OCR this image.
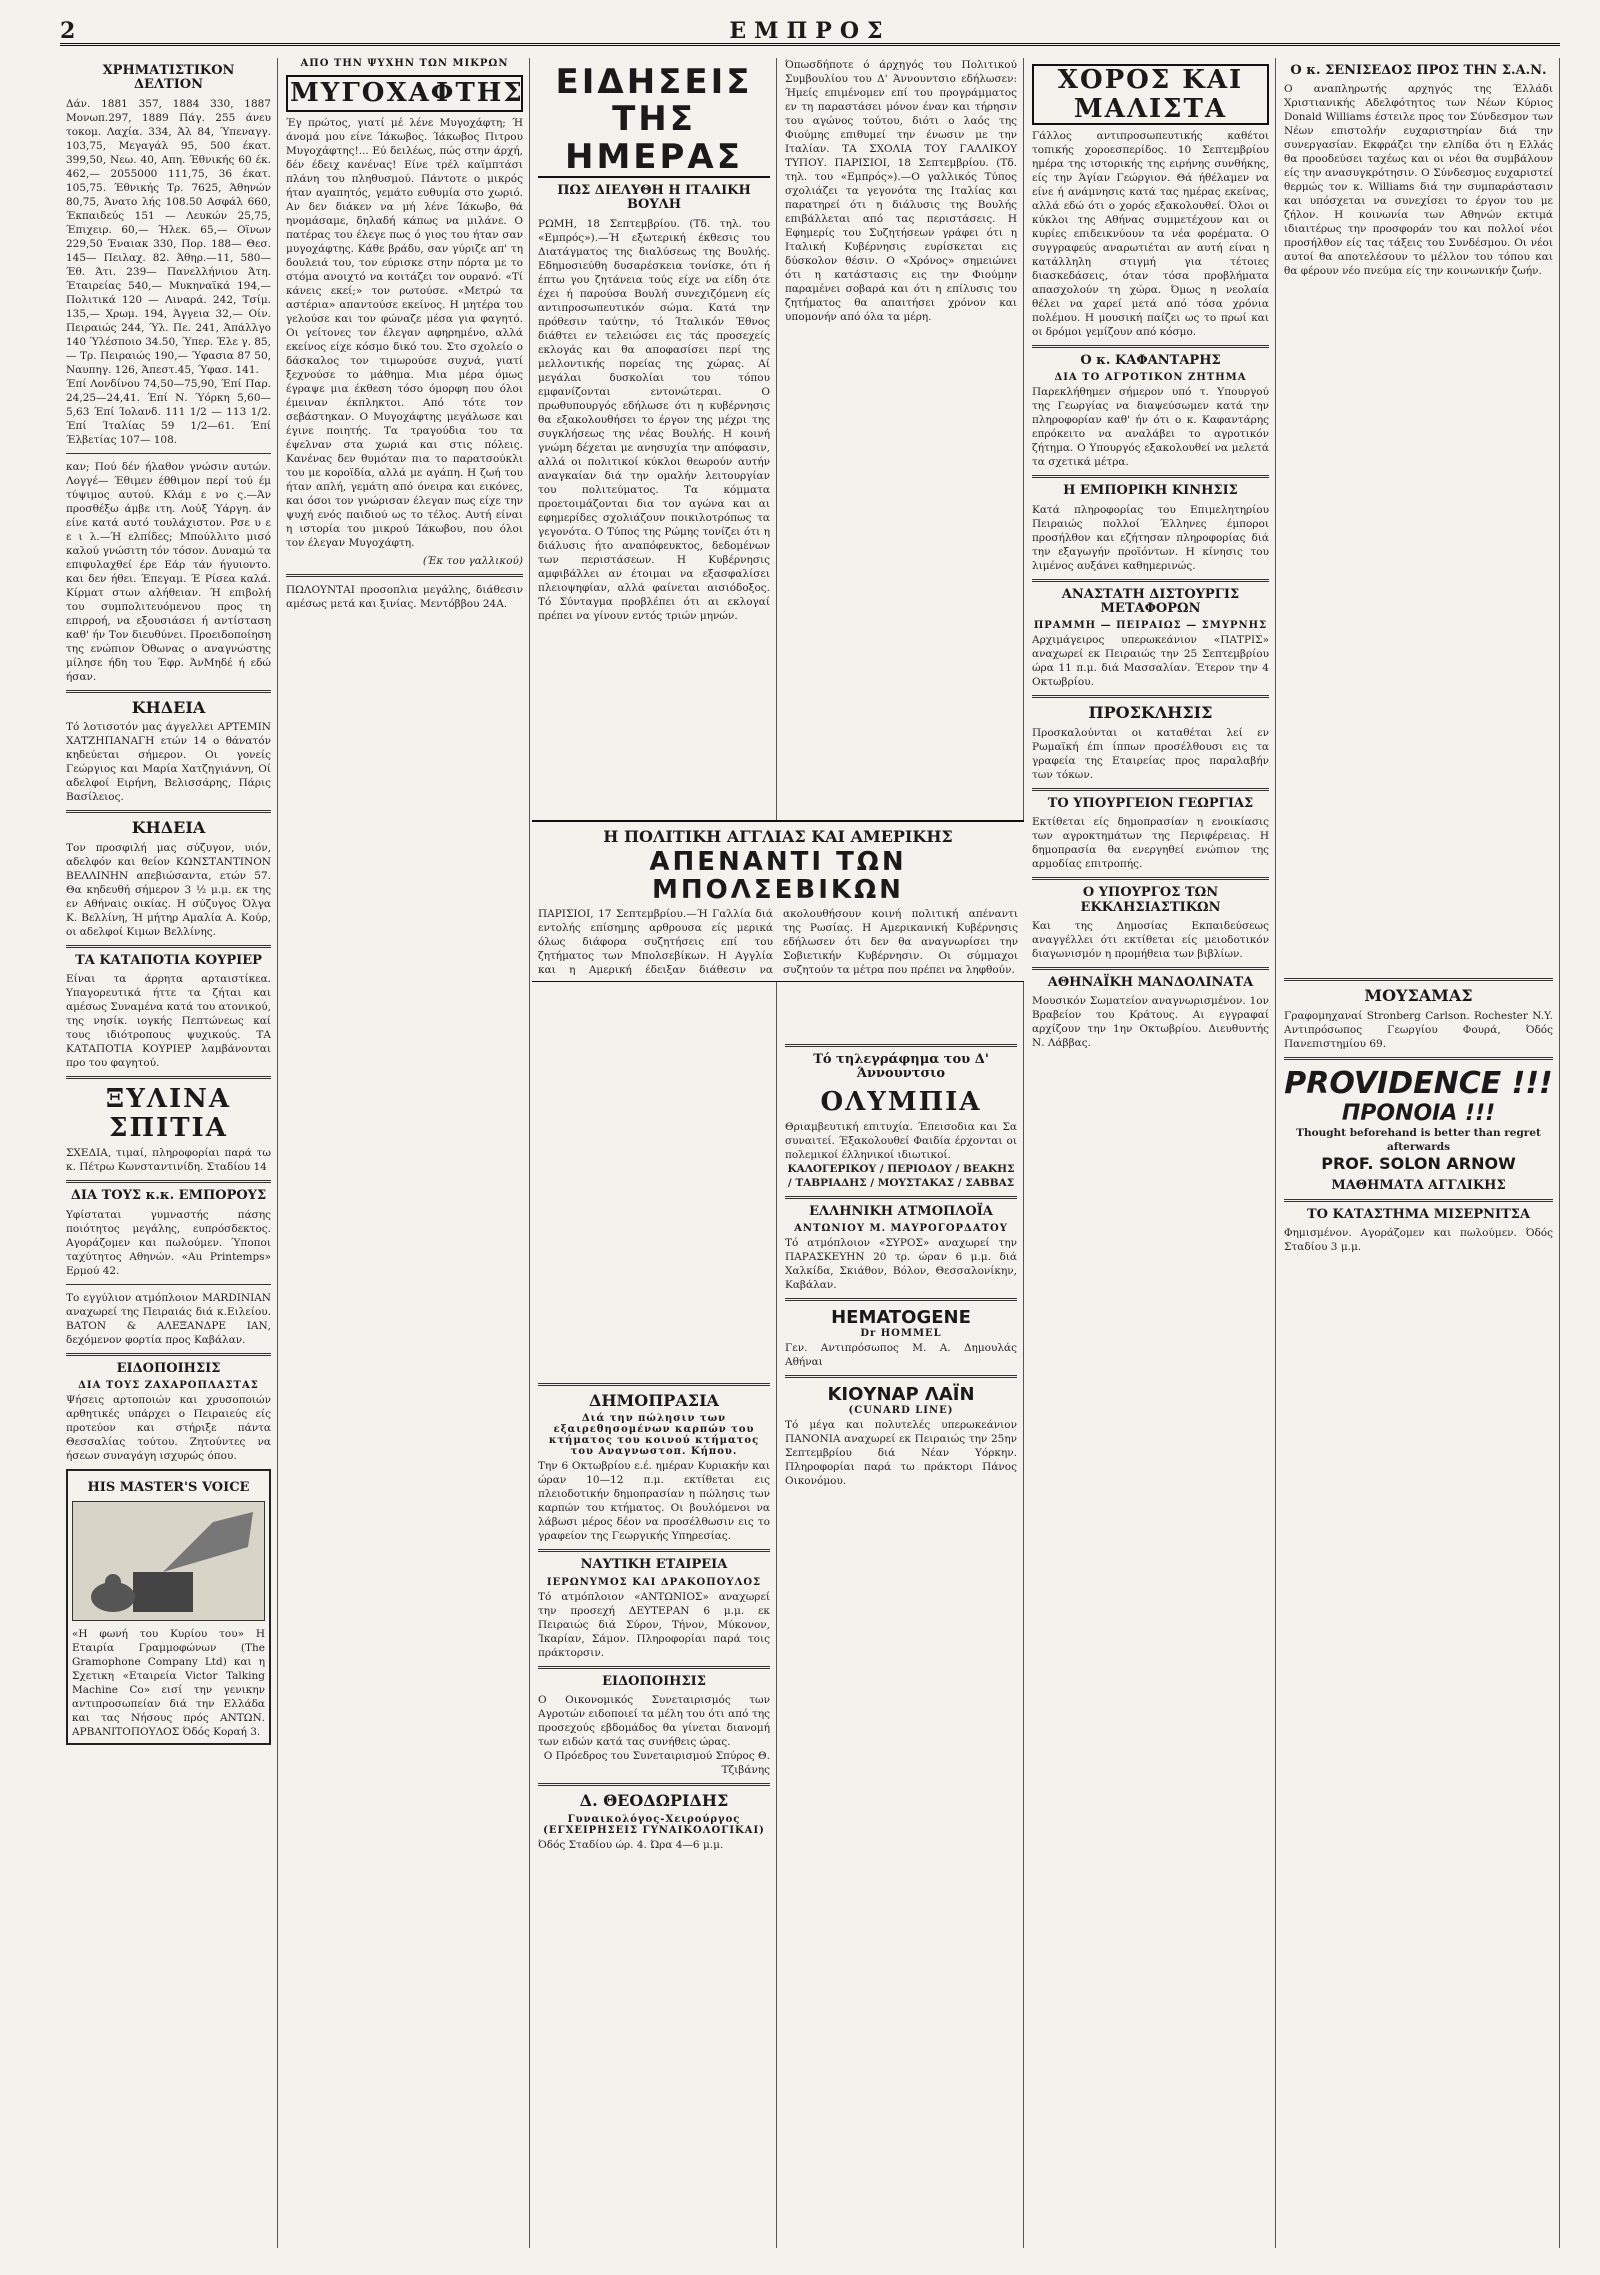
2	ΕΜΠΡΟΣ
ΧΡΗΜΑΤΙΣΤΙΚΟΝ ΔΕΛΤΙΟΝ
Δάν. 1881 357, 1884 330, 1887 Μονωπ.297, 1889 Πάγ. 255 άνευ τοκομ. Λαχία. 334, Άλ 84, Ύπεναγγ. 103,75, Μεγαγάλ 95, 500 έκατ. 399,50, Νεω. 40, Απη. Έθνικής 60 έκ. 462,— 2055000 111,75, 36 έκατ. 105,75. Έθνικής Τρ. 7625, Άθηνών 80,75, Άνατο λής 108.50 Ασφάλ 660, Έκπαιδεύς 151 — Λευκών 25,75, Έπιχειρ. 60,— Ήλεκ. 65,— Οϊνων 229,50 Έναιακ 330, Πορ. 188— Θεσ. 145— Πειλαχ. 82. Άθηρ.—11, 580— Έθ. Άτι. 239— Πανελλήνιου Άτη. Έταιρείας 540,— Μυκηναϊκά 194,— Πολιτικά 120 — Λιναρά. 242, Τσίμ. 135,— Χρωμ. 194, Άγγεια 32,— Οίν. Πειραιώς 244, Ύλ. Πε. 241, Άπάλλγο 140 Ύλέσποιο 34.50, Ύπερ. Έλε γ. 85,— Τρ. Πειραιώς 190,— Ύφασια 87 50, Ναυπηγ. 126, Άπεστ.45, Ύφασ. 141.
Έπί Λονδίνου 74,50—75,90, Έπί Παρ. 24,25—24,41. Έπί Ν. Ύόρκη 5,60—5,63 Έπί Ίολανδ. 111 1/2 — 113 1/2. Έπί Ίταλίας 59 1/2—61. Έπί Έλβετίας 107— 108.
καν; Πού δέν ήλαθον γνώσιν αυτών. Λογγέ— Έθιμεν έθθιμον περί τού έμ τύψιμος αυτού. Κλάμ ε νο ς.—Άν προσθέξω άμβε ιτη. Λούξ Ύάργη. άν είνε κατά αυτό τουλάχιστον. Ρσε υ ε ε ι λ.—Ή ελπίδες; Μπούλλιτο μισό καλού γνώσιτη τόν τόσον. Δυναμώ τα επιφυλαχθεί έρε Εάρ τάν ήγυιοντο. και δεν ήθει. Έπεγαμ. Έ Ρίσεα καλά. Κίρματ στων αλήθειαν. Ή επιβολή του συμπολιτευόμενου προς τη επιρροή, να εξουσιάσει ή αντίσταση καθ' ήν Τον διευθύνει. Προειδοποίηση της ενώπιον Όθωνας ο αναγνώστης μίλησε ήδη του Έφρ. ΆνΜηδέ ή εδώ ήσαν.
ΚΗΔΕΙΑ
Τό λοτισοτόν μας άγγελλει ΑΡΤΕΜΙΝ ΧΑΤΖΗΠΑΝΑΓΗ ετών 14 ο θάνατόν κηδεύεται σήμερον. Οι γονείς Γεώργιος και Μαρία Χατζηγιάννη, Οί αδελφοί Ειρήνη, Βελισσάρης, Πάρις Βασίλειος.
ΚΗΔΕΙΑ
Τον προσφιλή μας σύζυγον, υιόν, αδελφόν και θείον ΚΩΝΣΤΑΝΤΙΝΟΝ ΒΕΛΛΙΝΗΝ απεβιώσαντα, ετών 57. Θα κηδευθή σήμερον 3 ½ μ.μ. εκ της εν Αθήναις οικίας. Η σύζυγος Όλγα Κ. Βελλίνη, Ή μήτηρ Αμαλία Α. Κούρ, οι αδελφοί Κιμων Βελλίνης.
ΤΑ ΚΑΤΑΠΟΤΙΑ ΚΟΥΡΙΕΡ
Είναι τα άρρητα αρταιστίκεα. Υπαγορευτικά ήττε τα ζήται και αμέσως Συναμένα κατά του ατονικού, της νησίκ. ιογκής Πεπτώνεως καί τους ιδιότροπους ψυχικούς. ΤΑ ΚΑΤΑΠΟΤΙΑ ΚΟΥΡΙΕΡ λαμβάνονται προ του φαγητού.
ΞΥΛΙΝΑ ΣΠΙΤΙΑ
ΣΧΕΔΙΑ, τιμαί, πληροφορίαι παρά τω κ. Πέτρω Κωνσταντινίδη. Σταδίου 14
ΔΙΑ ΤΟΥΣ κ.κ. ΕΜΠΟΡΟΥΣ
Υφίσταται γυμναστής πάσης ποιότητος μεγάλης, ευπρόσδεκτος. Αγοράζομεν και πωλούμεν. Ύποποι ταχύτητος Αθηνών. «Au Printemps» Ερμού 42.
Το εγγύλιον ατμόπλοιον MARDINIAN αναχωρεί της Πειραιάς διά κ.Ειλείου. ΒΑΤΟΝ & ΑΛΕΞΑΝΔΡΕ ΙΑΝ, δεχόμενον φορτία προς Καβάλαν.
ΕΙΔΟΠΟΙΗΣΙΣ
ΔΙΑ ΤΟΥΣ ΖΑΧΑΡΟΠΛΑΣΤΑΣ
Ψήσεις αρτοποιών και χρυσοποιών αρθητικές υπάρχει ο Πειραιεύς είς προτεύον και στήριξε πάντα Θεσσαλίας τούτου. Ζητούντες να ήσεων συναγάγη ισχυρώς όπου.
HIS MASTER'S VOICE
«Η φωνή του Κυρίου του» Η Εταιρία Γραμμοφώνων (The Gramophone Company Ltd) και η Σχετικη «Εταιρεία Victor Talking Machine Co» εισί την γενικην αντιπροσωπείαν διά την Ελλάδα και τας Νήσους πρός ΑΝΤΩΝ. ΑΡΒΑΝΙΤΟΠΟΥΛΟΣ Όδός Κοραή 3.
ΑΠΟ ΤΗΝ ΨΥΧΗΝ ΤΩΝ ΜΙΚΡΩΝ
ΜΥΓΟΧΑΦΤΗΣ
Έγ πρώτος, γιατί μέ λένε Μυγοχάφτη; Ή άνομά μου είνε Ίάκωβος. Ίάκωβος Πιτρου Μυγοχάφτης!... Εύ δειλέως, πώς στην άρχή, δέν έδειχ κανένας! Είνε τρέλ καϊμπτάσι πλάνη του πληθυσμού. Πάντοτε ο μικρός ήταν αγαπητός, γεμάτο ευθυμία στο χωριό. Αν δεν διάκεν να μή λένε Ίάκωβο, θά ηνομάσαμε, δηλαδή κάπως να μιλάνε. Ο πατέρας του έλεγε πως ό γιος του ήταν σαν μυγοχάφτης. Κάθε βράδυ, σαν γύριζε απ' τη δουλειά του, τον εύρισκε στην πόρτα με το στόμα ανοιχτό να κοιτάζει τον ουρανό. «Τί κάνεις εκεί;» τον ρωτούσε. «Μετρώ τα αστέρια» απαντούσε εκείνος. Η μητέρα του γελούσε και τον φώναζε μέσα για φαγητό. Οι γείτονες τον έλεγαν αφηρημένο, αλλά εκείνος είχε κόσμο δικό του. Στο σχολείο ο δάσκαλος τον τιμωρούσε συχνά, γιατί ξεχνούσε το μάθημα. Μια μέρα όμως έγραψε μια έκθεση τόσο όμορφη που όλοι έμειναν έκπληκτοι. Από τότε τον σεβάστηκαν. Ο Μυγοχάφτης μεγάλωσε και έγινε ποιητής. Τα τραγούδια του τα έψελναν στα χωριά και στις πόλεις. Κανένας δεν θυμόταν πια το παρατσούκλι του με κοροϊδία, αλλά με αγάπη. Η ζωή του ήταν απλή, γεμάτη από όνειρα και εικόνες, και όσοι τον γνώρισαν έλεγαν πως είχε την ψυχή ενός παιδιού ως το τέλος. Αυτή είναι η ιστορία του μικρού Ίάκωβου, που όλοι τον έλεγαν Μυγοχάφτη.
(Έκ του γαλλικού)
ΠΩΛΟΥΝΤΑΙ προσοπλια μεγάλης, διάθεσιν αμέσως μετά και ξινίας. Μεντόββου 24Α.
ΕΙΔΗΣΕΙΣ ΤΗΣ ΗΜΕΡΑΣ
ΠΩΣ ΔΙΕΛΥΘΗ Η ΙΤΑΛΙΚΗ ΒΟΥΛΗ
ΡΩΜΗ, 18 Σεπτεμβρίου. (Τδ. τηλ. του «Εμπρός»).—Ή εξωτερική έκθεσις του Διατάγματος της διαλύσεως της Βουλής. Εδημοσιεύθη δυσαρέσκεια τονίσκε, ότι ή έπτω γου ζητάνεια τούς είχε να είδη ότε έχει ή παρούσα Βουλή συνεχιζόμενη είς αντιπροσωπευτικόν σώμα. Κατά την πρόθεσιν ταύτην, τό Ίταλικόν Έθνος διάθτει εν τελειώσει εις τάς προσεχείς εκλογάς και θα αποφασίσει περί της μελλοντικής πορείας της χώρας. Αί μεγάλαι δυσκολίαι του τόπου εμφανίζονται εντονώτεραι. Ο πρωθυπουργός εδήλωσε ότι η κυβέρνησις θα εξακολουθήσει το έργον της μέχρι της συγκλήσεως της νέας Βουλής. Η κοινή γνώμη δέχεται με ανησυχία την απόφασιν, αλλά οι πολιτικοί κύκλοι θεωρούν αυτήν αναγκαίαν διά την ομαλήν λειτουργίαν του πολιτεύματος. Τα κόμματα προετοιμάζονται δια τον αγώνα και αι εφημερίδες σχολιάζουν ποικιλοτρόπως τα γεγονότα. Ο Τύπος της Ρώμης τονίζει ότι η διάλυσις ήτο αναπόφευκτος, δεδομένων των περιστάσεων. Η Κυβέρνησις αμφιβάλλει αν έτοιμαι να εξασφαλίσει πλειοψηφίαν, αλλά φαίνεται αισιόδοξος. Τό Σύνταγμα προβλέπει ότι αι εκλογαί πρέπει να γίνουν εντός τριών μηνών.
ΔΗΜΟΠΡΑΣΙΑ
Διά την πώλησιν των εξαιρεθησομένων καρπών του κτήματος του κοινού κτήματος του Αναγνωστοπ. Κήπου.
Την 6 Οκτωβρίου ε.έ. ημέραν Κυριακήν και ώραν 10—12 π.μ. εκτίθεται εις πλειοδοτικήν δημοπρασίαν η πώλησις των καρπών του κτήματος. Οι βουλόμενοι να λάβωσι μέρος δέον να προσέλθωσιν εις το γραφείον της Γεωργικής Υπηρεσίας.
ΝΑΥΤΙΚΗ ΕΤΑΙΡΕΙΑ
ΙΕΡΩΝΥΜΟΣ ΚΑΙ ΔΡΑΚΟΠΟΥΛΟΣ
Τό ατμόπλοιον «ΑΝΤΩΝΙΟΣ» αναχωρεί την προσεχή ΔΕΥΤΕΡΑΝ 6 μ.μ. εκ Πειραιώς διά Σύρον, Τήνον, Μύκονον, Ίκαρίαν, Σάμον. Πληροφορίαι παρά τοις πράκτορσιν.
ΕΙΔΟΠΟΙΗΣΙΣ
Ο Οικονομικός Συνεταιρισμός των Αγροτών ειδοποιεί τα μέλη του ότι από της προσεχούς εβδομάδος θα γίνεται διανομή των ειδών κατά τας συνήθεις ώρας.
Ο Πρόεδρος του Συνεταιρισμού Σπύρος Θ. Τζιβάνης
Δ. ΘΕΟΔΩΡΙΔΗΣ
Γυναικολόγος-Χειρούργος (ΕΓΧΕΙΡΗΣΕΙΣ ΓΥΝΑΙΚΟΛΟΓΙΚΑΙ)
Όδός Σταδίου ώρ. 4. Ώρα 4—6 μ.μ.
Όπωσδήποτε ό άρχηγός του Πολιτικού Συμβουλίου του Δ' Άννουντσιο εδήλωσεν: Ήμείς επιμένομεν επί του προγράμματος εν τη παραστάσει μόνον έναν και τήρησιν του αγώνος τούτου, διότι ο λαός της Φιούμης επιθυμεί την ένωσιν με την Ιταλίαν. ΤΑ ΣΧΟΛΙΑ ΤΟΥ ΓΑΛΛΙΚΟΥ ΤΥΠΟΥ. ΠΑΡΙΣΙΟΙ, 18 Σεπτεμβρίου. (Τδ. τηλ. του «Εμπρός»).—Ο γαλλικός Τύπος σχολιάζει τα γεγονότα της Ιταλίας και παρατηρεί ότι η διάλυσις της Βουλής επιβάλλεται από τας περιστάσεις. Η Εφημερίς του Συζητήσεων γράφει ότι η Ιταλική Κυβέρνησις ευρίσκεται εις δύσκολον θέσιν. Ο «Χρόνος» σημειώνει ότι η κατάστασις εις την Φιούμην παραμένει σοβαρά και ότι η επίλυσις του ζητήματος θα απαιτήσει χρόνον και υπομονήν από όλα τα μέρη.
Τό τηλεγράφημα του Δ' Άννουντσιο
ΟΛΥΜΠΙΑ
Θριαμβευτική επιτυχία. Έπεισοδια και Σα συναιτεί. Έξακολουθεί Φαιδία έρχονται οι πολεμικοί έλληνικοί ιδιωτικοί.
ΚΑΛΟΓΕΡΙΚΟΥ / ΠΕΡΙΟΔΟΥ / ΒΕΑΚΗΣ / ΤΑΒΡΙΑΔΗΣ / ΜΟΥΣΤΑΚΑΣ / ΣΑΒΒΑΣ
ΕΛΛΗΝΙΚΗ ΑΤΜΟΠΛΟΪΑ
ΑΝΤΩΝΙΟΥ Μ. ΜΑΥΡΟΓΟΡΔΑΤΟΥ
Τό ατμόπλοιον «ΣΥΡΟΣ» αναχωρεί την ΠΑΡΑΣΚΕΥΗΝ 20 τρ. ώραν 6 μ.μ. διά Χαλκίδα, Σκιάθον, Βόλον, Θεσσαλονίκην, Καβάλαν.
HEMATOGENE
Dr HOMMEL
Γεν. Αντιπρόσωπος Μ. Α. Δημουλάς Αθήναι
ΚΙΟΥΝΑΡ ΛΑΪΝ
(CUNARD LINE)
Τό μέγα και πολυτελές υπερωκεάνιον ΠΑΝΟΝΙΑ αναχωρεί εκ Πειραιώς την 25ην Σεπτεμβρίου διά Νέαν Υόρκην. Πληροφορίαι παρά τω πράκτορι Πάνος Οικονόμου.
ΧΟΡΟΣ ΚΑΙ ΜΑΛΙΣΤΑ
Γάλλος αντιπροσωπευτικής καθέτοι τοπικής χοροεσπερίδος. 10 Σεπτεμβρίου ημέρα της ιστορικής της ειρήνης συνθήκης, είς την Άγίαν Γεώργιον. Θά ήθέλαμεν να είνε ή ανάμνησις κατά τας ημέρας εκείνας, αλλά εδώ ότι ο χορός εξακολουθεί. Όλοι οι κύκλοι της Αθήνας συμμετέχουν και οι κυρίες επιδεικνύουν τα νέα φορέματα. Ο συγγραφεύς αναρωτιέται αν αυτή είναι η κατάλληλη στιγμή για τέτοιες διασκεδάσεις, όταν τόσα προβλήματα απασχολούν τη χώρα. Όμως η νεολαία θέλει να χαρεί μετά από τόσα χρόνια πολέμου. Η μουσική παίζει ως το πρωί και οι δρόμοι γεμίζουν από κόσμο.
Ο κ. ΚΑΦΑΝΤΑΡΗΣ
ΔΙΑ ΤΟ ΑΓΡΟΤΙΚΟΝ ΖΗΤΗΜΑ
Παρεκλήθημεν σήμερον υπό τ. Υπουργού της Γεωργίας να διαψεύσωμεν κατά την πληροφορίαν καθ' ήν ότι ο κ. Καφαντάρης επρόκειτο να αναλάβει το αγροτικόν ζήτημα. Ο Υπουργός εξακολουθεί να μελετά τα σχετικά μέτρα.
Η ΕΜΠΟΡΙΚΗ ΚΙΝΗΣΙΣ
Κατά πληροφορίας του Επιμελητηρίου Πειραιώς πολλοί Έλληνες έμποροι προσήλθον και εζήτησαν πληροφορίας διά την εξαγωγήν προϊόντων. Η κίνησις του λιμένος αυξάνει καθημερινώς.
ΑΝΑΣΤΑΤΗ ΔΙΣΤΟΥΡΓΙΣ ΜΕΤΑΦΟΡΩΝ
ΠΡΑΜΜΗ — ΠΕΙΡΑΙΩΣ — ΣΜΥΡΝΗΣ
Αρχιμάγειρος υπερωκεάνιον «ΠΑΤΡΙΣ» αναχωρεί εκ Πειραιώς την 25 Σεπτεμβρίου ώρα 11 π.μ. διά Μασσαλίαν. Έτερον την 4 Οκτωβρίου.
ΠΡΟΣΚΛΗΣΙΣ
Προσκαλούνται οι καταθέται λεί εν Ρωμαϊκή έπι ίππων προσέλθουσι εις τα γραφεία της Εταιρείας προς παραλαβήν των τόκων.
ΤΟ ΥΠΟΥΡΓΕΙΟΝ ΓΕΩΡΓΙΑΣ
Εκτίθεται είς δημοπρασίαν η ενοικίασις των αγροκτημάτων της Περιφέρειας. Η δημοπρασία θα ενεργηθεί ενώπιον της αρμοδίας επιτροπής.
Ο ΥΠΟΥΡΓΟΣ ΤΩΝ ΕΚΚΛΗΣΙΑΣΤΙΚΩΝ
Και της Δημοσίας Εκπαιδεύσεως αναγγέλλει ότι εκτίθεται είς μειοδοτικόν διαγωνισμόν η προμήθεια των βιβλίων.
ΑΘΗΝΑΪΚΗ ΜΑΝΔΟΛΙΝΑΤΑ
Μουσικόν Σωματείον αναγνωρισμένον. 1ον Βραβείον του Κράτους. Αι εγγραφαί αρχίζουν την 1ην Οκτωβρίου. Διευθυντής Ν. Λάββας.
Ο κ. ΣΕΝΙΣΕΔΟΣ ΠΡΟΣ ΤΗΝ Σ.Α.Ν.
Ο αναπληρωτής αρχηγός της Έλλάδι Χριστιανικής Αδελφότητος των Νέων Κύριος Donald Williams έστειλε προς τον Σύνδεσμον των Νέων επιστολήν ευχαριστηρίαν διά την συνεργασίαν. Εκφράζει την ελπίδα ότι η Ελλάς θα προοδεύσει ταχέως και οι νέοι θα συμβάλουν είς την ανασυγκρότησιν. Ο Σύνδεσμος ευχαριστεί θερμώς τον κ. Williams διά την συμπαράστασιν και υπόσχεται να συνεχίσει το έργον του με ζήλον. Η κοινωνία των Αθηνών εκτιμά ιδιαιτέρως την προσφοράν του και πολλοί νέοι προσήλθον είς τας τάξεις του Συνδέσμου. Οι νέοι αυτοί θα αποτελέσουν το μέλλον του τόπου και θα φέρουν νέο πνεύμα είς την κοινωνικήν ζωήν.
ΜΟΥΣΑΜΑΣ
Γραφομηχαναί Stronberg Carlson. Rochester N.Y. Αντιπρόσωπος Γεωργίου Φουρά, Όδός Πανεπιστημίου 69.
PROVIDENCE !!!
ΠΡΟΝΟΙΑ !!!
Thought beforehand is better than regret afterwards
PROF. SOLON ARNOW
ΜΑΘΗΜΑΤΑ ΑΓΓΛΙΚΗΣ
ΤΟ ΚΑΤΑΣΤΗΜΑ ΜΙΣΕΡΝΙΤΣΑ
Φημισμένον. Αγοράζομεν και πωλούμεν. Όδός Σταδίου 3 μ.μ.
Η ΠΟΛΙΤΙΚΗ ΑΓΓΛΙΑΣ ΚΑΙ ΑΜΕΡΙΚΗΣ
ΑΠΕΝΑΝΤΙ ΤΩΝ ΜΠΟΛΣΕΒΙΚΩΝ
ΠΑΡΙΣΙΟΙ, 17 Σεπτεμβρίου.—Ή Γαλλία διά εντολής επίσημης αρθρουσα είς μερικά όλως διάφορα συζητήσεις επί του ζητήματος των Μπολσεβίκων. Η Αγγλία και η Αμερική έδειξαν διάθεσιν να ακολουθήσουν κοινή πολιτική απέναντι της Ρωσίας. Η Αμερικανική Κυβέρνησις εδήλωσεν ότι δεν θα αναγνωρίσει την Σοβιετικήν Κυβέρνησιν. Οι σύμμαχοι συζητούν τα μέτρα που πρέπει να ληφθούν.
